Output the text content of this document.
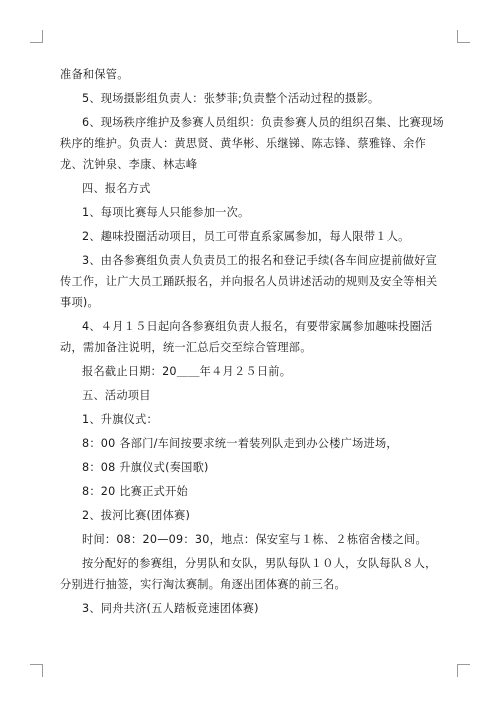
准备和保管。

5、现场摄影组负责人：张梦菲;负责整个活动过程的摄影。

6、现场秩序维护及参赛人员组织：负责参赛人员的组织召集、比赛现场秩序的维护。负责人：黄思贤、黄华彬、乐继锑、陈志锋、蔡雅锋、余作龙、沈钟泉、李康、林志峰

四、报名方式

1、每项比赛每人只能参加一次。

2、趣味投圈活动项目，员工可带直系家属参加，每人限带１人。

3、由各参赛组负责人负责员工的报名和登记手续(各车间应提前做好宣传工作，让广大员工踊跃报名，并向报名人员讲述活动的规则及安全等相关事项)。

4、４月１５日起向各参赛组负责人报名，有要带家属参加趣味投圈活动，需加备注说明，统一汇总后交至综合管理部。

报名截止日期：20＿＿年４月２５日前。

五、活动项目

1、升旗仪式：

8：00 各部门/车间按要求统一着装列队走到办公楼广场进场，

8：08 升旗仪式(奏国歌)

8：20 比赛正式开始

2、拔河比赛(团体赛)

时间：08：20—09：30，地点：保安室与１栋、２栋宿舍楼之间。

按分配好的参赛组，分男队和女队，男队每队１０人，女队每队８人，分别进行抽签，实行淘汰赛制。角逐出团体赛的前三名。

3、同舟共济(五人踏板竞速团体赛)
